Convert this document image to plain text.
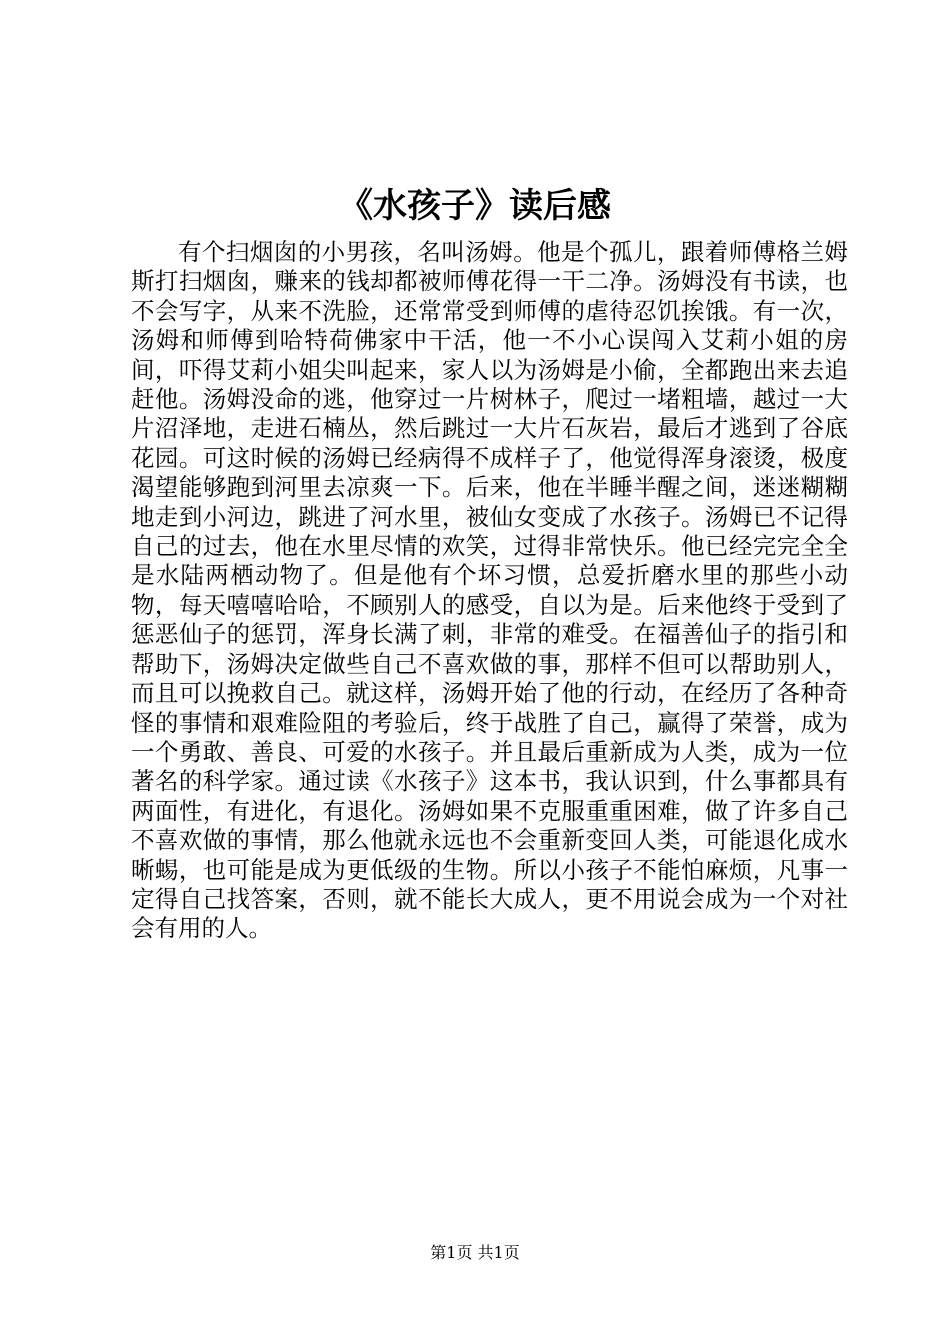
《水孩子》读后感

有个扫烟囱的小男孩，名叫汤姆。他是个孤儿，跟着师傅格兰姆斯打扫烟囱，赚来的钱却都被师傅花得一干二净。汤姆没有书读，也不会写字，从来不洗脸，还常常受到师傅的虐待忍饥挨饿。有一次，汤姆和师傅到哈特荷佛家中干活，他一不小心误闯入艾莉小姐的房间，吓得艾莉小姐尖叫起来，家人以为汤姆是小偷，全都跑出来去追赶他。汤姆没命的逃，他穿过一片树林子，爬过一堵粗墙，越过一大片沼泽地，走进石楠丛，然后跳过一大片石灰岩，最后才逃到了谷底花园。可这时候的汤姆已经病得不成样子了，他觉得浑身滚烫，极度渴望能够跑到河里去凉爽一下。后来，他在半睡半醒之间，迷迷糊糊地走到小河边，跳进了河水里，被仙女变成了水孩子。汤姆已不记得自己的过去，他在水里尽情的欢笑，过得非常快乐。他已经完完全全是水陆两栖动物了。但是他有个坏习惯，总爱折磨水里的那些小动物，每天嘻嘻哈哈，不顾别人的感受，自以为是。后来他终于受到了惩恶仙子的惩罚，浑身长满了刺，非常的难受。在福善仙子的指引和帮助下，汤姆决定做些自己不喜欢做的事，那样不但可以帮助别人，而且可以挽救自己。就这样，汤姆开始了他的行动，在经历了各种奇怪的事情和艰难险阻的考验后，终于战胜了自己，赢得了荣誉，成为一个勇敢、善良、可爱的水孩子。并且最后重新成为人类，成为一位著名的科学家。通过读《水孩子》这本书，我认识到，什么事都具有两面性，有进化，有退化。汤姆如果不克服重重困难，做了许多自己不喜欢做的事情，那么他就永远也不会重新变回人类，可能退化成水晰蜴，也可能是成为更低级的生物。所以小孩子不能怕麻烦，凡事一定得自己找答案，否则，就不能长大成人，更不用说会成为一个对社会有用的人。

第1页 共1页
